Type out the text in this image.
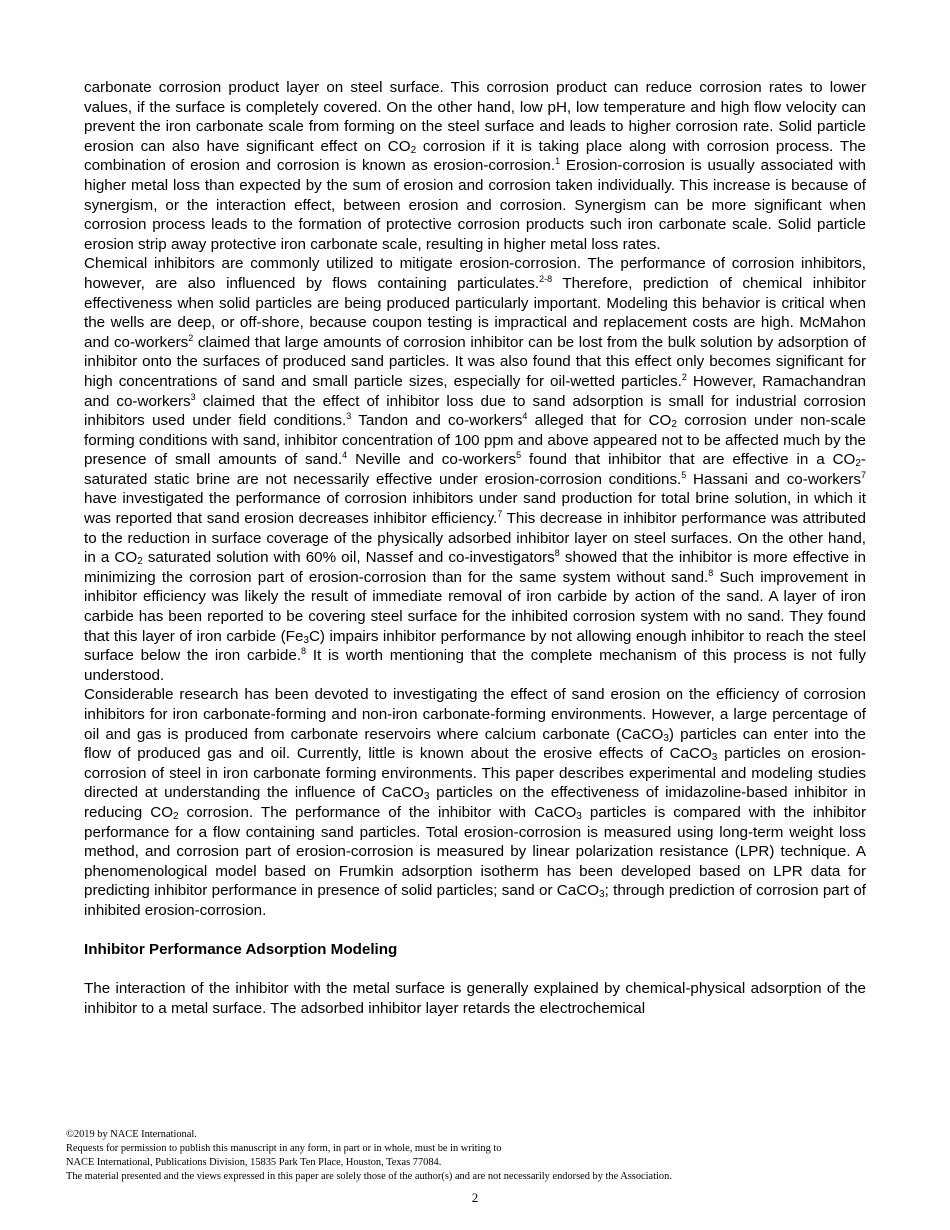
carbonate corrosion product layer on steel surface. This corrosion product can reduce corrosion rates to lower values, if the surface is completely covered. On the other hand, low pH, low temperature and high flow velocity can prevent the iron carbonate scale from forming on the steel surface and leads to higher corrosion rate. Solid particle erosion can also have significant effect on $CO_2$ corrosion if it is taking place along with corrosion process. The combination of erosion and corrosion is known as erosion-corrosion.$^1$ Erosion-corrosion is usually associated with higher metal loss than expected by the sum of erosion and corrosion taken individually. This increase is because of synergism, or the interaction effect, between erosion and corrosion. Synergism can be more significant when corrosion process leads to the formation of protective corrosion products such iron carbonate scale. Solid particle erosion strip away protective iron carbonate scale, resulting in higher metal loss rates.

Chemical inhibitors are commonly utilized to mitigate erosion-corrosion. The performance of corrosion inhibitors, however, are also influenced by flows containing particulates.$^{2-8}$ Therefore, prediction of chemical inhibitor effectiveness when solid particles are being produced particularly important. Modeling this behavior is critical when the wells are deep, or off-shore, because coupon testing is impractical and replacement costs are high. McMahon and co-workers$^2$ claimed that large amounts of corrosion inhibitor can be lost from the bulk solution by adsorption of inhibitor onto the surfaces of produced sand particles. It was also found that this effect only becomes significant for high concentrations of sand and small particle sizes, especially for oil-wetted particles.$^2$ However, Ramachandran and co-workers$^3$ claimed that the effect of inhibitor loss due to sand adsorption is small for industrial corrosion inhibitors used under field conditions.$^3$ Tandon and co-workers$^4$ alleged that for $CO_2$ corrosion under non-scale forming conditions with sand, inhibitor concentration of 100 ppm and above appeared not to be affected much by the presence of small amounts of sand.$^4$ Neville and co-workers$^5$ found that inhibitor that are effective in a $CO_2$-saturated static brine are not necessarily effective under erosion-corrosion conditions.$^5$ Hassani and co-workers$^7$ have investigated the performance of corrosion inhibitors under sand production for total brine solution, in which it was reported that sand erosion decreases inhibitor efficiency.$^7$ This decrease in inhibitor performance was attributed to the reduction in surface coverage of the physically adsorbed inhibitor layer on steel surfaces. On the other hand, in a $CO_2$ saturated solution with 60% oil, Nassef and co-investigators$^8$ showed that the inhibitor is more effective in minimizing the corrosion part of erosion-corrosion than for the same system without sand.$^8$ Such improvement in inhibitor efficiency was likely the result of immediate removal of iron carbide by action of the sand. A layer of iron carbide has been reported to be covering steel surface for the inhibited corrosion system with no sand. They found that this layer of iron carbide $(Fe_3C)$ impairs inhibitor performance by not allowing enough inhibitor to reach the steel surface below the iron carbide.$^8$ It is worth mentioning that the complete mechanism of this process is not fully understood.

Considerable research has been devoted to investigating the effect of sand erosion on the efficiency of corrosion inhibitors for iron carbonate-forming and non-iron carbonate-forming environments. However, a large percentage of oil and gas is produced from carbonate reservoirs where calcium carbonate (CaCO$_3$) particles can enter into the flow of produced gas and oil. Currently, little is known about the erosive effects of CaCO$_3$ particles on erosion-corrosion of steel in iron carbonate forming environments. This paper describes experimental and modeling studies directed at understanding the influence of CaCO$_3$ particles on the effectiveness of imidazoline-based inhibitor in reducing $CO_2$ corrosion. The performance of the inhibitor with CaCO$_3$ particles is compared with the inhibitor performance for a flow containing sand particles. Total erosion-corrosion is measured using long-term weight loss method, and corrosion part of erosion-corrosion is measured by linear polarization resistance (LPR) technique. A phenomenological model based on Frumkin adsorption isotherm has been developed based on LPR data for predicting inhibitor performance in presence of solid particles; sand or CaCO$_3$; through prediction of corrosion part of inhibited erosion-corrosion.

Inhibitor Performance Adsorption Modeling

The interaction of the inhibitor with the metal surface is generally explained by chemical-physical adsorption of the inhibitor to a metal surface. The adsorbed inhibitor layer retards the electrochemical

©2019 by NACE International.
Requests for permission to publish this manuscript in any form, in part or in whole, must be in writing to
NACE International, Publications Division, 15835 Park Ten Place, Houston, Texas 77084.
The material presented and the views expressed in this paper are solely those of the author(s) and are not necessarily endorsed by the Association.
2
